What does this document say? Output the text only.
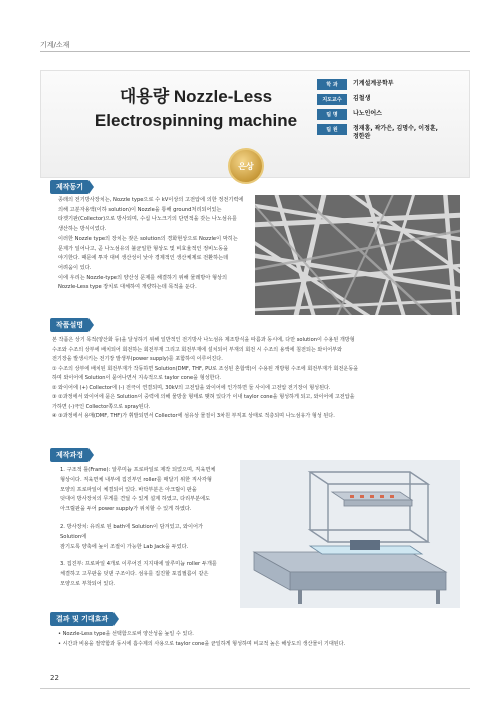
기계/소재
대용량 Nozzle-Less
Electrospinning machine
학 과	기계설계공학부
지도교수	김철생
팀 명	나노인어스
팀 원	정재홍, 곽가은, 김명수, 이정훈, 정한완
은상
제작동기

종래의 전기방사장치는, Nozzle type으로 수 kV이상의 고전압에 의한 정전기력에

의해 고분자용액(이하 solution)이 Nozzle을 통해 ground처리되어있는

타겟기판(Collector)으로 방사되며, 수십 나노크기의 단면적을 갖는 나노섬유를

생산하는 방식이었다.

이러한 Nozzle type의 장치는 잦은 solution의 경화현상으로 Nozzle이 막히는

문제가 일어나고, 곧 나노섬유의 불균일한 형상도 및 비효율적인 정비노동을

야기한다. 때문에 투자 대비 생산성이 낮아 경제적인 생산체제로 전환하는데

어려움이 있다.

이에 우리는 Nozzle-type의 양산성 문제를 해결하기 위해 물레방아 형상의

Nozzle-Less type 장치로 대체하여 개량하는데 목적을 둔다.

작품설명

본 작품은 상기 목적(양산화 등)을 달성하기 위해 일반적인 전기방사 나노섬유 제조방식을 따름과 동시에, 다만 solution이 수용된 개방형

수조와 수조의 상부에 배치되어 회전하는 회전부재 그리고 회전부재에 설치되어 부재의 회전 시 수조의 용액에 침전되는 와이어부와

전기장을 발생시키는 전기장 발생부(power supply)를 포함하여 이루어진다.

① 수조의 상부에 배치된 회전부재가 작동하면 Solution(DMF, THF, PU로 조성된 혼합액)이 수용된 개방형 수조에 회전부재가 회전운동을

하며 와이어에 Solution이 묻어나면서 지속적으로 taylor cone을 형성한다.

② 와이어에 (+) Collector에 (-) 전극이 연결되며, 30kV의 고전압을 와이어에 인가하면 둘 사이에 고전압 전기장이 형성된다.

③ ②과정에서 와이어에 묻은 Solution이 중력에 의해 물방울 형태로 맺혀 있다가 이내 taylor cone을 형성하게 되고, 와이어에 고전압을

가하면 (-)극인 Collector쪽으로 spray된다.

④ ③과정에서 용매(DMF, THF)가 휘발되면서 Collector에 섬유상 물질이 3차원 부직포 상태로 적층되며 나노섬유가 형성 된다.

제작과정

1. 구조적 틀(Frame): 알루미늄 프로파일로 제작 되었으며, 직육면체

형상이다. 직육면체 내부에 집진부인 roller를 매달기 위한 직사각형

모양의 프로파일이 체결되어 있다. 바닥부분은 아크릴이 판을

덧대어 방사장치의 무게를 견딜 수 있게 설계 하였고, 다리부분에도

아크릴판을 두어 power supply가 위치할 수 있게 하였다.

2. 방사장치: 유리로 된 bath에 Solution이 담겨있고, 와이어가 Solution에

잠기도록 양축에 높이 조절이 가능한 Lab Jack을 두었다.

3. 집진부: 프로파일 4개로 이루어진 지지대에 알루미늄 roller 두개를

체결하고 고무판을 덧댄 구조이다. 섬유를 집진할 포집필름이 같은

모양으로 부착되어 있다.

결과 및 기대효과

• Nozzle-Less type을 선택함으로써 양산성을 높일 수 있다.

• 시간과 비용을 절약함과 동시에 흡수제의 사용으로 taylor cone을 균일하게 형성하며 비교적 높은 해상도의 생산물이 기대된다.

22
